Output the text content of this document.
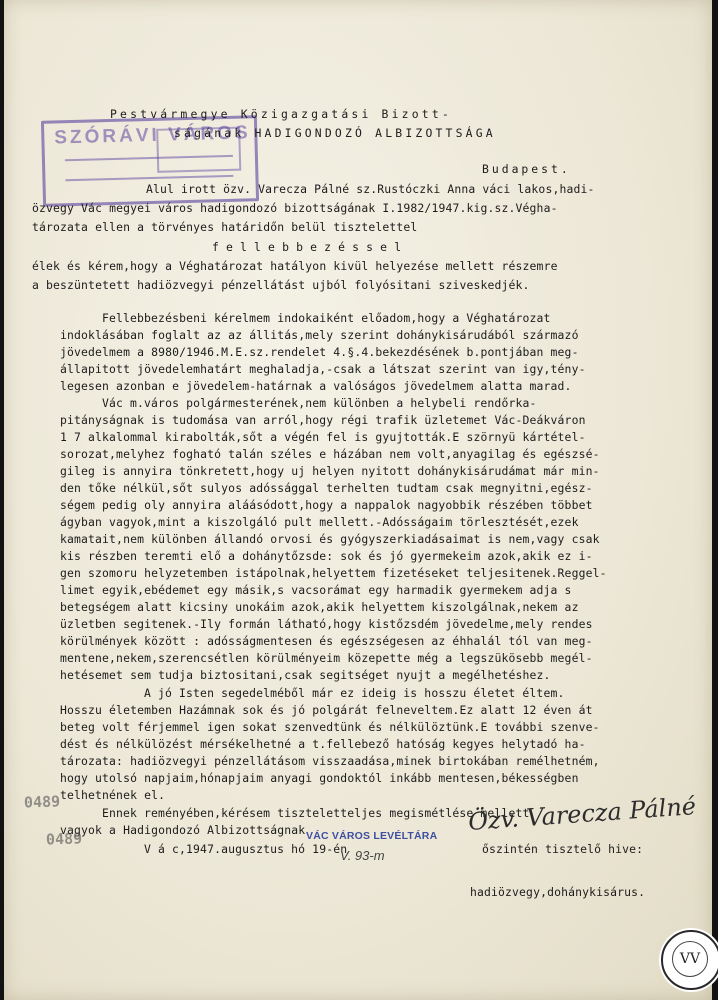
SZÓRÁVI VÁROS

Pestvármegye Közigazgatási Bizott-

ságának HADIGONDOZÓ ALBIZOTTSÁGA

Budapest.

Alul irott özv. Varecza Pálné sz.Rustóczki Anna váci lakos,hadi-

özvegy Vác megyei város hadigondozó bizottságának I.1982/1947.kig.sz.Végha-

tározata ellen a törvényes határidőn belül tisztelettel

f e l l e b b e z é s s e l

élek és kérem,hogy a Véghatározat hatályon kivül helyezése mellett részemre

a beszüntetett hadiözvegyi pénzellátást ujból folyósitani sziveskedjék.

Fellebbezésbeni kérelmem indokaiként előadom,hogy a Véghatározat

indoklásában foglalt az az állitás,mely szerint dohánykisárudából származó

jövedelmem a 8980/1946.M.E.sz.rendelet 4.§.4.bekezdésének b.pontjában meg-

állapitott jövedelemhatárt meghaladja,-csak a látszat szerint van igy,tény-

legesen azonban e jövedelem-határnak a valóságos jövedelmem alatta marad.

Vác m.város polgármesterének,nem különben a helybeli rendőrka-

pitányságnak is tudomása van arról,hogy régi trafik üzletemet Vác-Deákváron

1 7 alkalommal kirabolták,sőt a végén fel is gyujtották.E szörnyü kártétel-

sorozat,melyhez fogható talán széles e házában nem volt,anyagilag és egészsé-

gileg is annyira tönkretett,hogy uj helyen nyitott dohánykisárudámat már min-

den tőke nélkül,sőt sulyos adóssággal terhelten tudtam csak megnyitni,egész-

ségem pedig oly annyira aláásódott,hogy a nappalok nagyobbik részében többet

ágyban vagyok,mint a kiszolgáló pult mellett.-Adósságaim törlesztését,ezek

kamatait,nem különben állandó orvosi és gyógyszerkiadásaimat is nem,vagy csak

kis részben teremti elő a dohánytőzsde: sok és jó gyermekeim azok,akik ez i-

gen szomoru helyzetemben istápolnak,helyettem fizetéseket teljesitenek.Reggel-

limet egyik,ebédemet egy másik,s vacsorámat egy harmadik gyermekem adja s

betegségem alatt kicsiny unokáim azok,akik helyettem kiszolgálnak,nekem az

üzletben segitenek.-Ily formán látható,hogy kistőzsdém jövedelme,mely rendes

körülmények között : adósságmentesen és egészségesen az éhhalál tól van meg-

mentene,nekem,szerencsétlen körülményeim közepette még a legszükösebb megél-

hetésemet sem tudja biztositani,csak segitséget nyujt a megélhetéshez.

A jó Isten segedelméből már ez ideig is hosszu életet éltem.

Hosszu életemben Hazámnak sok és jó polgárát felneveltem.Ez alatt 12 éven át

beteg volt férjemmel igen sokat szenvedtünk és nélkülöztünk.E további szenve-

dést és nélkülözést mérsékelhetné a t.fellebező hatóság kegyes helytadó ha-

tározata: hadiözvegyi pénzellátásom visszaadása,minek birtokában remélhetném,

hogy utolsó napjaim,hónapjaim anyagi gondoktól inkább mentesen,békességben

telhetnének el.

Ennek reményében,kérésem tiszteletteljes megismétlése mellett

vagyok a Hadigondozó Albizottságnak

V á c,1947.augusztus hó 19-én

	őszintén tisztelő hive:

hadiözvegy,dohánykisárus.

Özv. Varecza Pálné
VÁC VÁROS LEVÉLTÁRA
V. 93-m
0489
0489
VV
